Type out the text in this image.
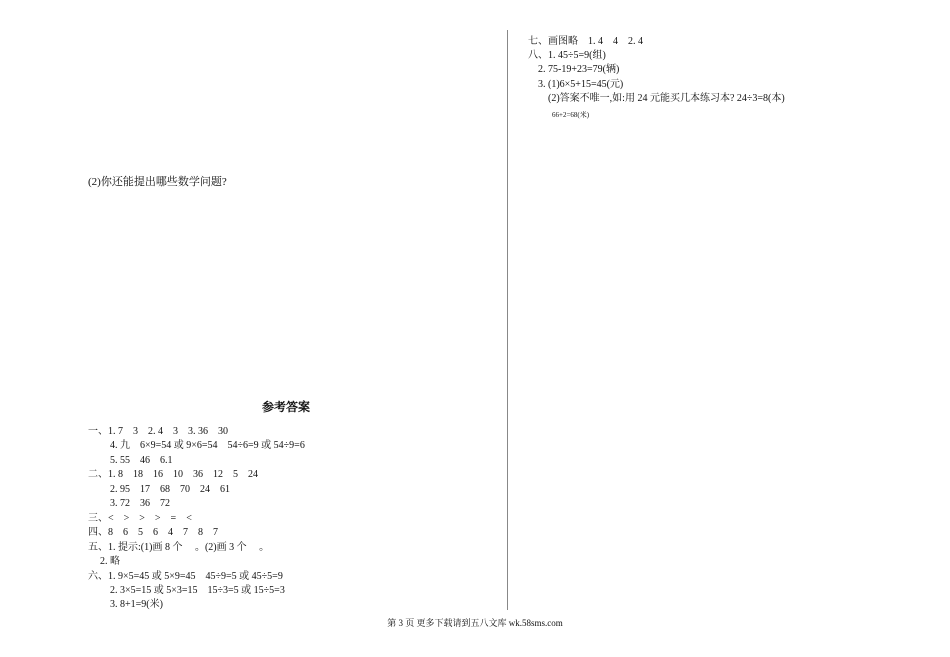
(2)你还能提出哪些数学问题?
参考答案
一、1. 7    3    2. 4    3    3. 36    30
4. 九    6×9=54 或 9×6=54    54÷6=9 或 54÷9=6
5. 55    46    6.1
二、1. 8    18    16    10    36    12    5    24
2. 95    17    68    70    24    61
3. 72    36    72
三、<    >    >    >    =    <
四、8    6    5    6    4    7    8    7
五、1. 提示:(1)画 8 个     。(2)画 3 个     。
2. 略
六、1. 9×5=45 或 5×9=45    45÷9=5 或 45÷5=9
2. 3×5=15 或 5×3=15    15÷3=5 或 15÷5=3
3. 8+1=9(米)
七、画图略    1. 4    4    2. 4
八、1. 45÷5=9(组)
2. 75-19+23=79(辆)
3. (1)6×5+15=45(元)
(2)答案不唯一,如:用 24 元能买几本练习本? 24÷3=8(本)
66+2=68(米)
第 3 页 更多下载请到五八文库 wk.58sms.com
